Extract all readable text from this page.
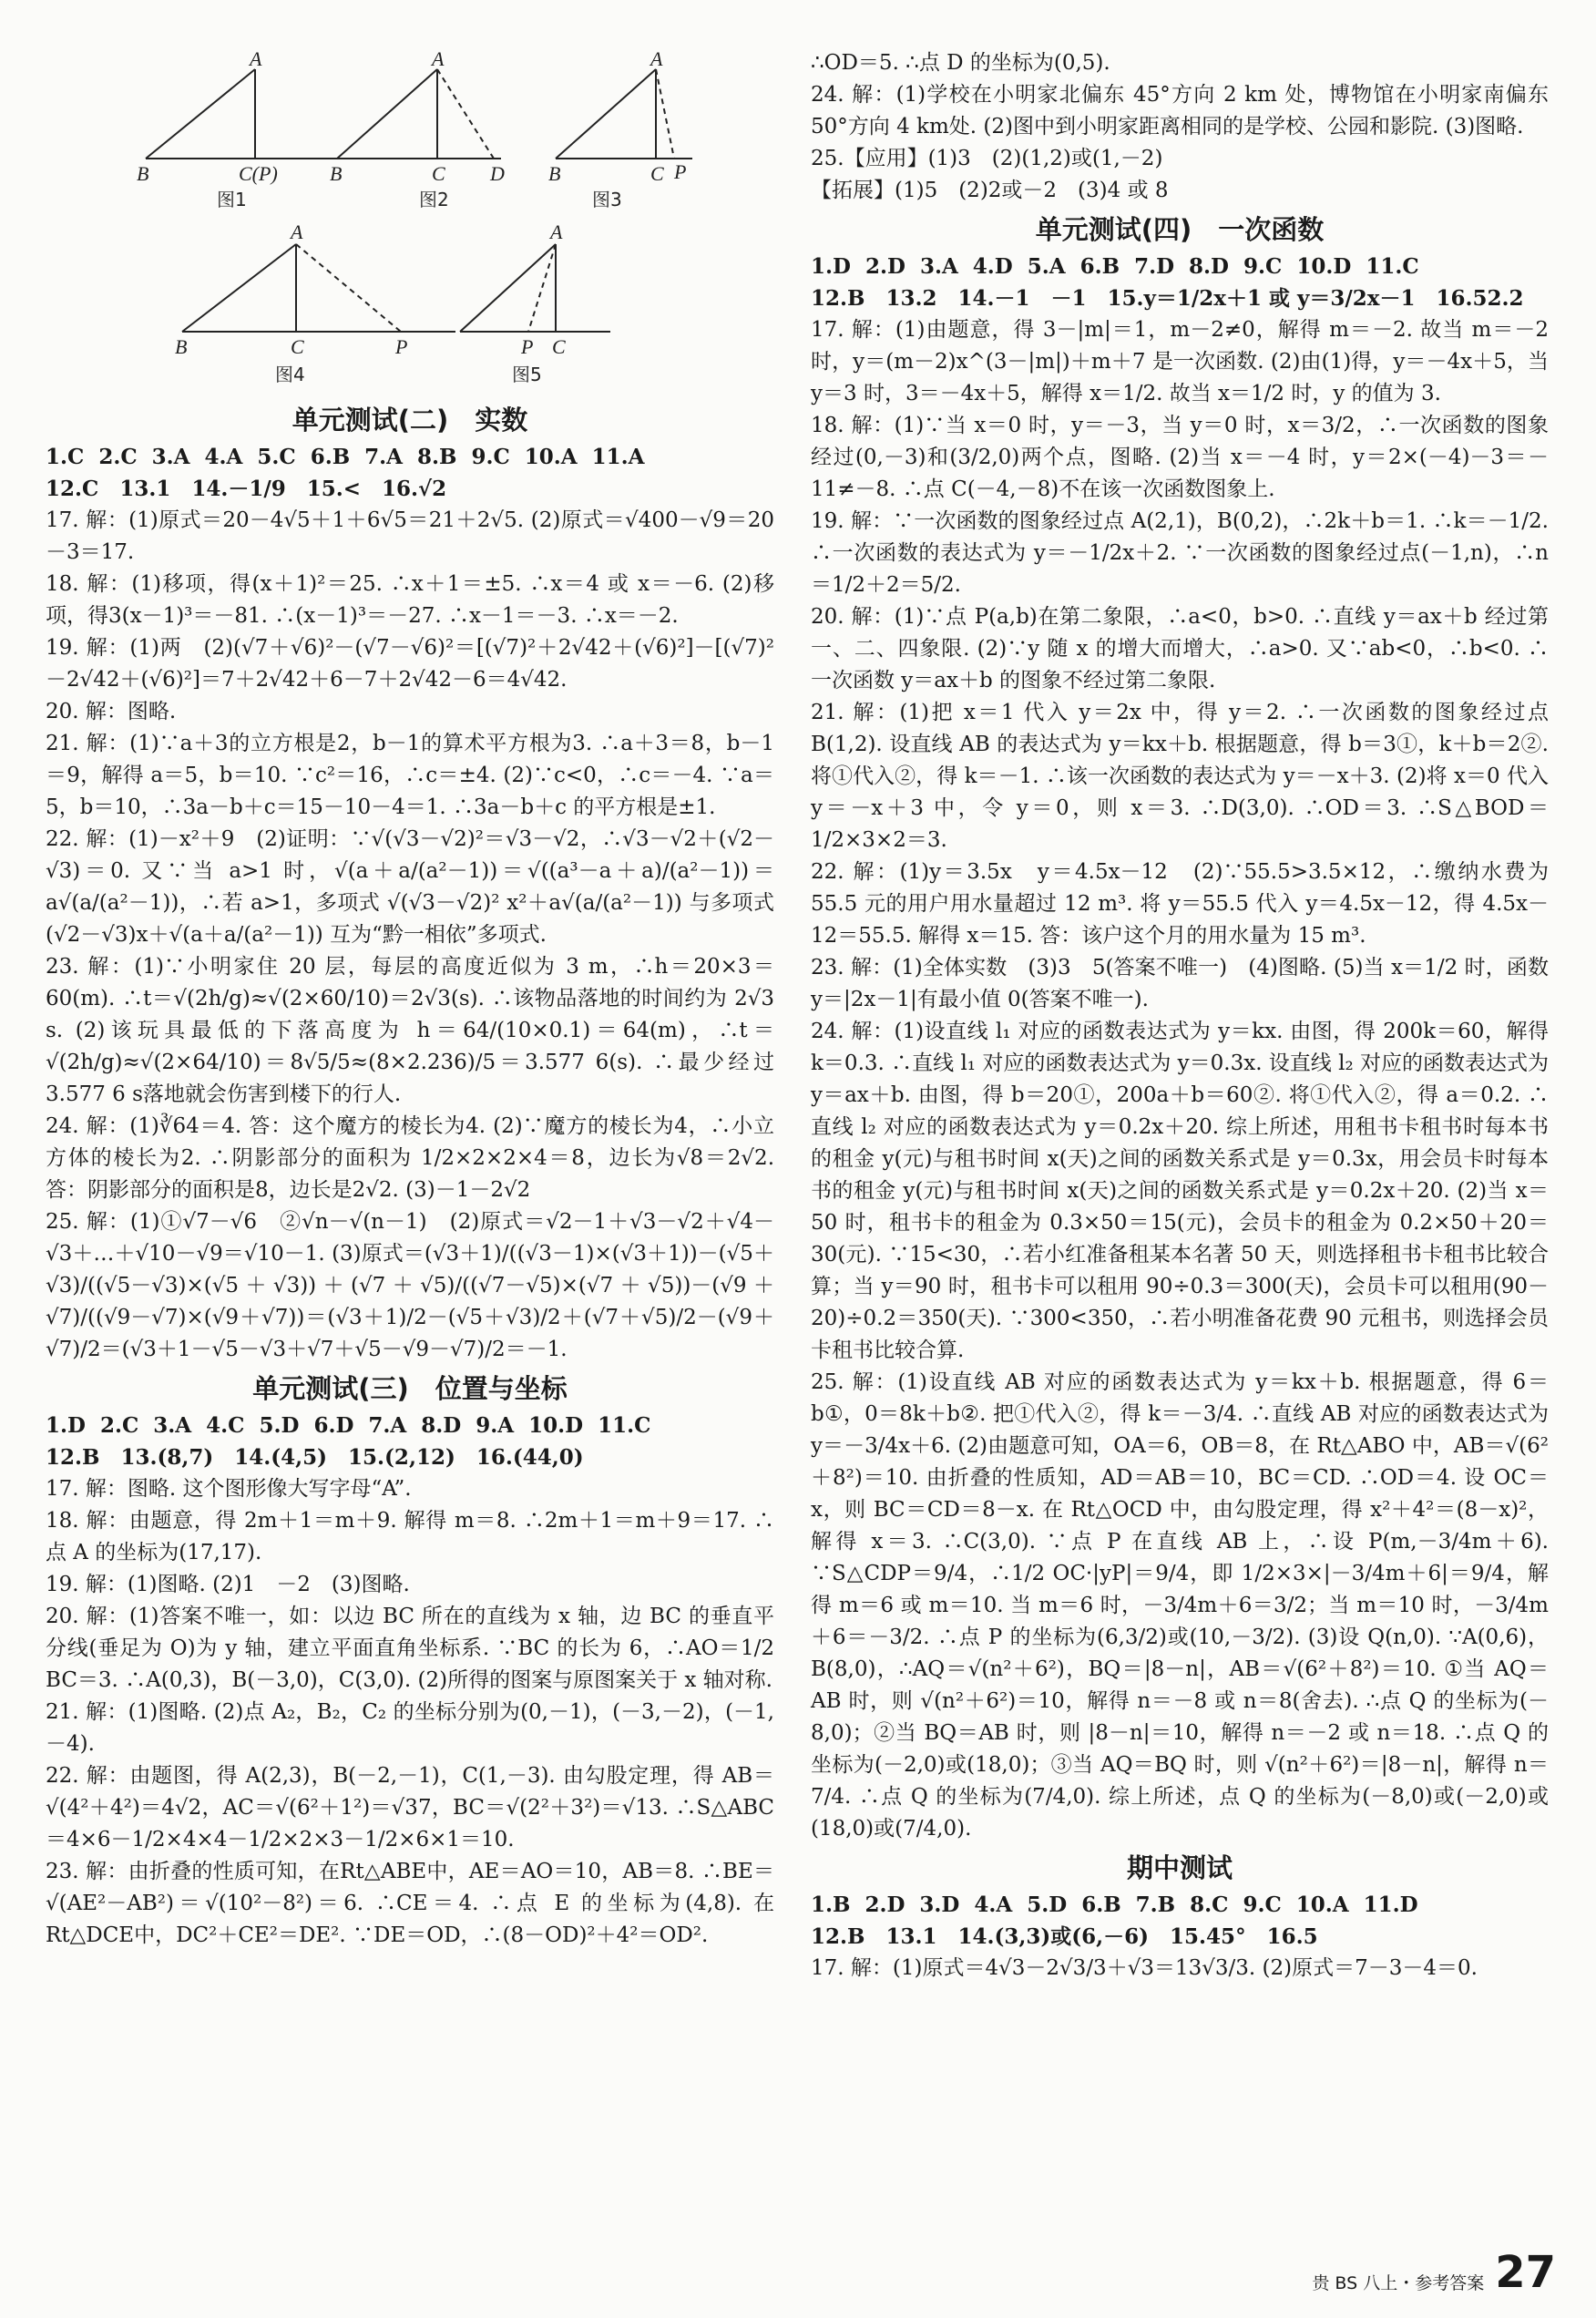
A
B	C(P)
A
B	C D
A
B	C P
A
B	C	P
A
P C
图1	图2	图3
图4	图5
单元测试(二)　实数
1.C 2.C 3.A 4.A 5.C 6.B 7.A 8.B 9.C 10.A 11.A
12.C　13.1　14.－1/9　15.<　16.√2
17. 解：(1)原式＝20－4√5＋1＋6√5＝21＋2√5. (2)原式＝√400－√9＝20－3＝17.
18. 解：(1)移项，得(x＋1)²＝25. ∴x＋1＝±5. ∴x＝4 或 x＝－6. (2)移项，得3(x－1)³＝－81. ∴(x－1)³＝－27. ∴x－1＝－3. ∴x＝－2.
19. 解：(1)两　(2)(√7＋√6)²－(√7－√6)²＝[(√7)²＋2√42＋(√6)²]－[(√7)²－2√42＋(√6)²]＝7＋2√42＋6－7＋2√42－6＝4√42.
20. 解：图略.
21. 解：(1)∵a＋3的立方根是2，b－1的算术平方根为3. ∴a＋3＝8，b－1＝9，解得 a＝5，b＝10. ∵c²＝16，∴c＝±4. (2)∵c<0，∴c＝－4. ∵a＝5，b＝10，∴3a－b＋c＝15－10－4＝1. ∴3a－b＋c 的平方根是±1.
22. 解：(1)－x²＋9　(2)证明：∵√(√3－√2)²＝√3－√2，∴√3－√2＋(√2－√3)＝0. 又∵当 a>1 时，√(a＋a/(a²－1))＝√((a³－a＋a)/(a²－1))＝a√(a/(a²－1))，∴若 a>1，多项式 √(√3－√2)² x²＋a√(a/(a²－1)) 与多项式 (√2－√3)x＋√(a＋a/(a²－1)) 互为“黔一相依”多项式.
23. 解：(1)∵小明家住 20 层，每层的高度近似为 3 m，∴h＝20×3＝60(m). ∴t＝√(2h/g)≈√(2×60/10)＝2√3(s). ∴该物品落地的时间约为 2√3 s. (2)该玩具最低的下落高度为 h＝64/(10×0.1)＝64(m)，∴t＝√(2h/g)≈√(2×64/10)＝8√5/5≈(8×2.236)/5＝3.577 6(s). ∴最少经过 3.577 6 s落地就会伤害到楼下的行人.
24. 解：(1)∛64＝4. 答：这个魔方的棱长为4. (2)∵魔方的棱长为4，∴小立方体的棱长为2. ∴阴影部分的面积为 1/2×2×2×4＝8，边长为√8＝2√2. 答：阴影部分的面积是8，边长是2√2. (3)－1－2√2
25. 解：(1)①√7－√6　②√n－√(n－1)　(2)原式＝√2－1＋√3－√2＋√4－√3＋…＋√10－√9＝√10－1. (3)原式＝(√3＋1)/((√3－1)×(√3＋1))－(√5＋√3)/((√5－√3)×(√5＋√3))＋(√7＋√5)/((√7－√5)×(√7＋√5))－(√9＋√7)/((√9－√7)×(√9＋√7))＝(√3＋1)/2－(√5＋√3)/2＋(√7＋√5)/2－(√9＋√7)/2＝(√3＋1－√5－√3＋√7＋√5－√9－√7)/2＝－1.
单元测试(三)　位置与坐标
1.D 2.C 3.A 4.C 5.D 6.D 7.A 8.D 9.A 10.D 11.C
12.B　13.(8,7)　14.(4,5)　15.(2,12)　16.(44,0)
17. 解：图略. 这个图形像大写字母“A”.
18. 解：由题意，得 2m＋1＝m＋9. 解得 m＝8. ∴2m＋1＝m＋9＝17. ∴点 A 的坐标为(17,17).
19. 解：(1)图略. (2)1　－2　(3)图略.
20. 解：(1)答案不唯一，如：以边 BC 所在的直线为 x 轴，边 BC 的垂直平分线(垂足为 O)为 y 轴，建立平面直角坐标系. ∵BC 的长为 6，∴AO＝1/2 BC＝3. ∴A(0,3)，B(－3,0)，C(3,0). (2)所得的图案与原图案关于 x 轴对称.
21. 解：(1)图略. (2)点 A₂，B₂，C₂ 的坐标分别为(0,－1)，(－3,－2)，(－1,－4).
22. 解：由题图，得 A(2,3)，B(－2,－1)，C(1,－3). 由勾股定理，得 AB＝√(4²＋4²)＝4√2，AC＝√(6²＋1²)＝√37，BC＝√(2²＋3²)＝√13. ∴S△ABC＝4×6－1/2×4×4－1/2×2×3－1/2×6×1＝10.
23. 解：由折叠的性质可知，在Rt△ABE中，AE＝AO＝10，AB＝8. ∴BE＝√(AE²－AB²)＝√(10²－8²)＝6. ∴CE＝4. ∴点 E 的坐标为(4,8). 在Rt△DCE中，DC²＋CE²＝DE². ∵DE＝OD，∴(8－OD)²＋4²＝OD².
∴OD＝5. ∴点 D 的坐标为(0,5).
24. 解：(1)学校在小明家北偏东 45°方向 2 km 处，博物馆在小明家南偏东 50°方向 4 km处. (2)图中到小明家距离相同的是学校、公园和影院. (3)图略.
25.【应用】(1)3　(2)(1,2)或(1,－2)
【拓展】(1)5　(2)2或－2　(3)4 或 8
单元测试(四)　一次函数
1.D 2.D 3.A 4.D 5.A 6.B 7.D 8.D 9.C 10.D 11.C
12.B　13.2　14.－1　－1　15.y＝1/2x＋1 或 y＝3/2x－1　16.52.2
17. 解：(1)由题意，得 3－|m|＝1，m－2≠0，解得 m＝－2. 故当 m＝－2 时，y＝(m－2)x^(3－|m|)＋m＋7 是一次函数. (2)由(1)得，y＝－4x＋5，当 y＝3 时，3＝－4x＋5，解得 x＝1/2. 故当 x＝1/2 时，y 的值为 3.
18. 解：(1)∵当 x＝0 时，y＝－3，当 y＝0 时，x＝3/2，∴一次函数的图象经过(0,－3)和(3/2,0)两个点，图略. (2)当 x＝－4 时，y＝2×(－4)－3＝－11≠－8. ∴点 C(－4,－8)不在该一次函数图象上.
19. 解：∵一次函数的图象经过点 A(2,1)，B(0,2)，∴2k＋b＝1. ∴k＝－1/2. ∴一次函数的表达式为 y＝－1/2x＋2. ∵一次函数的图象经过点(－1,n)，∴n＝1/2＋2＝5/2.
20. 解：(1)∵点 P(a,b)在第二象限，∴a<0，b>0. ∴直线 y＝ax＋b 经过第一、二、四象限. (2)∵y 随 x 的增大而增大，∴a>0. 又∵ab<0，∴b<0. ∴一次函数 y＝ax＋b 的图象不经过第二象限.
21. 解：(1)把 x＝1 代入 y＝2x 中，得 y＝2. ∴一次函数的图象经过点 B(1,2). 设直线 AB 的表达式为 y＝kx＋b. 根据题意，得 b＝3①，k＋b＝2②. 将①代入②，得 k＝－1. ∴该一次函数的表达式为 y＝－x＋3. (2)将 x＝0 代入 y＝－x＋3 中，令 y＝0，则 x＝3. ∴D(3,0). ∴OD＝3. ∴S△BOD＝1/2×3×2＝3.
22. 解：(1)y＝3.5x　y＝4.5x－12　(2)∵55.5>3.5×12，∴缴纳水费为 55.5 元的用户用水量超过 12 m³. 将 y＝55.5 代入 y＝4.5x－12，得 4.5x－12＝55.5. 解得 x＝15. 答：该户这个月的用水量为 15 m³.
23. 解：(1)全体实数　(3)3　5(答案不唯一)　(4)图略. (5)当 x＝1/2 时，函数 y＝|2x－1|有最小值 0(答案不唯一).
24. 解：(1)设直线 l₁ 对应的函数表达式为 y＝kx. 由图，得 200k＝60，解得 k＝0.3. ∴直线 l₁ 对应的函数表达式为 y＝0.3x. 设直线 l₂ 对应的函数表达式为 y＝ax＋b. 由图，得 b＝20①，200a＋b＝60②. 将①代入②，得 a＝0.2. ∴直线 l₂ 对应的函数表达式为 y＝0.2x＋20. 综上所述，用租书卡租书时每本书的租金 y(元)与租书时间 x(天)之间的函数关系式是 y＝0.3x，用会员卡时每本书的租金 y(元)与租书时间 x(天)之间的函数关系式是 y＝0.2x＋20. (2)当 x＝50 时，租书卡的租金为 0.3×50＝15(元)，会员卡的租金为 0.2×50＋20＝30(元). ∵15<30，∴若小红准备租某本名著 50 天，则选择租书卡租书比较合算；当 y＝90 时，租书卡可以租用 90÷0.3＝300(天)，会员卡可以租用(90－20)÷0.2＝350(天). ∵300<350，∴若小明准备花费 90 元租书，则选择会员卡租书比较合算.
25. 解：(1)设直线 AB 对应的函数表达式为 y＝kx＋b. 根据题意，得 6＝b①，0＝8k＋b②. 把①代入②，得 k＝－3/4. ∴直线 AB 对应的函数表达式为 y＝－3/4x＋6. (2)由题意可知，OA＝6，OB＝8，在 Rt△ABO 中，AB＝√(6²＋8²)＝10. 由折叠的性质知，AD＝AB＝10，BC＝CD. ∴OD＝4. 设 OC＝x，则 BC＝CD＝8－x. 在 Rt△OCD 中，由勾股定理，得 x²＋4²＝(8－x)²，解得 x＝3. ∴C(3,0). ∵点 P 在直线 AB 上，∴设 P(m,－3/4m＋6). ∵S△CDP＝9/4，∴1/2 OC·|yP|＝9/4，即 1/2×3×|－3/4m＋6|＝9/4，解得 m＝6 或 m＝10. 当 m＝6 时，－3/4m＋6＝3/2；当 m＝10 时，－3/4m＋6＝－3/2. ∴点 P 的坐标为(6,3/2)或(10,－3/2). (3)设 Q(n,0). ∵A(0,6)，B(8,0)，∴AQ＝√(n²＋6²)，BQ＝|8－n|，AB＝√(6²＋8²)＝10. ①当 AQ＝AB 时，则 √(n²＋6²)＝10，解得 n＝－8 或 n＝8(舍去). ∴点 Q 的坐标为(－8,0)；②当 BQ＝AB 时，则 |8－n|＝10，解得 n＝－2 或 n＝18. ∴点 Q 的坐标为(－2,0)或(18,0)；③当 AQ＝BQ 时，则 √(n²＋6²)＝|8－n|，解得 n＝7/4. ∴点 Q 的坐标为(7/4,0). 综上所述，点 Q 的坐标为(－8,0)或(－2,0)或(18,0)或(7/4,0).
期中测试
1.B 2.D 3.D 4.A 5.D 6.B 7.B 8.C 9.C 10.A 11.D
12.B　13.1　14.(3,3)或(6,－6)　15.45°　16.5
17. 解：(1)原式＝4√3－2√3/3＋√3＝13√3/3. (2)原式＝7－3－4＝0.
贵 BS 八上・参考答案 27
